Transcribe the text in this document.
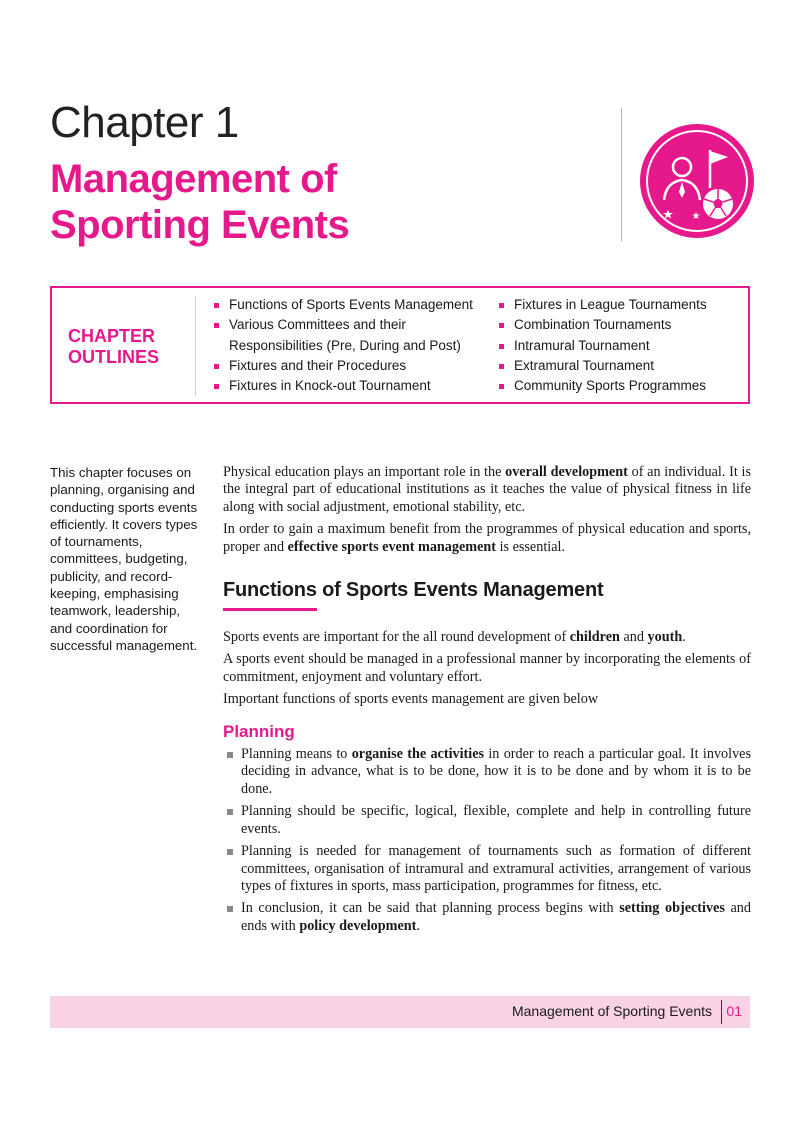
Chapter 1
Management of
Sporting Events
CHAPTER
OUTLINES
Functions of Sports Events Management
Various Committees and their Responsibilities (Pre, During and Post)
Fixtures and their Procedures
Fixtures in Knock-out Tournament
Fixtures in League Tournaments
Combination Tournaments
Intramural Tournament
Extramural Tournament
Community Sports Programmes
This chapter focuses on planning, organising and conducting sports events efficiently. It covers types of tournaments, committees, budgeting, publicity, and record-keeping, emphasising teamwork, leadership, and coordination for successful management.

Physical education plays an important role in the overall development of an individual. It is the integral part of educational institutions as it teaches the value of physical fitness in life along with social adjustment, emotional stability, etc.

In order to gain a maximum benefit from the programmes of physical education and sports, proper and effective sports event management is essential.

Functions of Sports Events Management

Sports events are important for the all round development of children and youth.

A sports event should be managed in a professional manner by incorporating the elements of commitment, enjoyment and voluntary effort.

Important functions of sports events management are given below

Planning
Planning means to organise the activities in order to reach a particular goal. It involves deciding in advance, what is to be done, how it is to be done and by whom it is to be done.
Planning should be specific, logical, flexible, complete and help in controlling future events.
Planning is needed for management of tournaments such as formation of different committees, organisation of intramural and extramural activities, arrangement of various types of fixtures in sports, mass participation, programmes for fitness, etc.
In conclusion, it can be said that planning process begins with setting objectives and ends with policy development.
Management of Sporting Events 01
